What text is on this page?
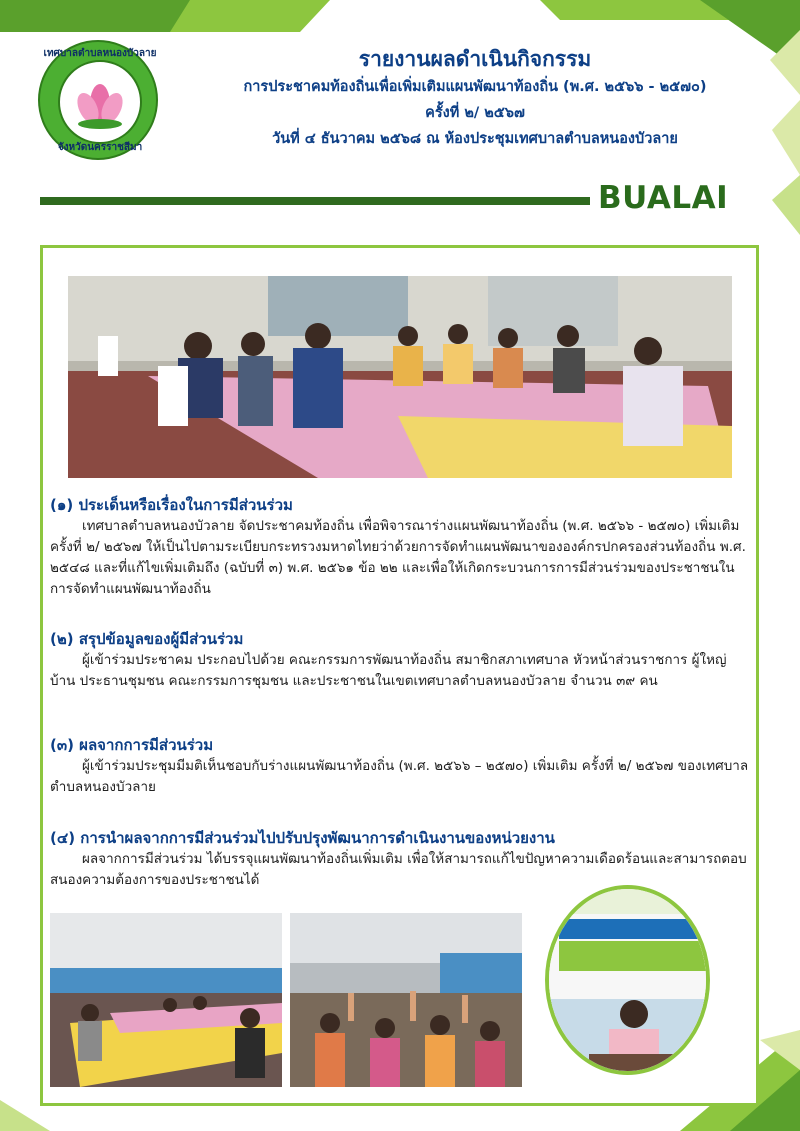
เทศบาลตำบลหนองบัวลาย
จังหวัดนครราชสีมา
รายงานผลดำเนินกิจกรรม
การประชาคมท้องถิ่นเพื่อเพิ่มเติมแผนพัฒนาท้องถิ่น (พ.ศ. ๒๕๖๖ - ๒๕๗๐)
ครั้งที่ ๒/ ๒๕๖๗
วันที่ ๔ ธันวาคม ๒๕๖๘ ณ ห้องประชุมเทศบาลตำบลหนองบัวลาย
BUALAI
(๑) ประเด็นหรือเรื่องในการมีส่วนร่วม
เทศบาลตำบลหนองบัวลาย จัดประชาคมท้องถิ่น เพื่อพิจารณาร่างแผนพัฒนาท้องถิ่น (พ.ศ. ๒๕๖๖ - ๒๕๗๐) เพิ่มเติม ครั้งที่ ๒/ ๒๕๖๗ ให้เป็นไปตามระเบียบกระทรวงมหาดไทยว่าด้วยการจัดทำแผนพัฒนาขององค์กรปกครองส่วนท้องถิ่น พ.ศ. ๒๕๔๘ และที่แก้ไขเพิ่มเติมถึง (ฉบับที่ ๓) พ.ศ. ๒๕๖๑ ข้อ ๒๒ และเพื่อให้เกิดกระบวนการการมีส่วนร่วมของประชาชนในการจัดทำแผนพัฒนาท้องถิ่น
(๒) สรุปข้อมูลของผู้มีส่วนร่วม
ผู้เข้าร่วมประชาคม ประกอบไปด้วย คณะกรรมการพัฒนาท้องถิ่น สมาชิกสภาเทศบาล หัวหน้าส่วนราชการ ผู้ใหญ่บ้าน ประธานชุมชน คณะกรรมการชุมชน และประชาชนในเขตเทศบาลตำบลหนองบัวลาย จำนวน ๓๙ คน
(๓) ผลจากการมีส่วนร่วม
ผู้เข้าร่วมประชุมมีมติเห็นชอบกับร่างแผนพัฒนาท้องถิ่น (พ.ศ. ๒๕๖๖ – ๒๕๗๐) เพิ่มเติม ครั้งที่ ๒/ ๒๕๖๗ ของเทศบาลตำบลหนองบัวลาย
(๔) การนำผลจากการมีส่วนร่วมไปปรับปรุงพัฒนาการดำเนินงานของหน่วยงาน
ผลจากการมีส่วนร่วม ได้บรรจุแผนพัฒนาท้องถิ่นเพิ่มเติม เพื่อให้สามารถแก้ไขปัญหาความเดือดร้อนและสามารถตอบสนองความต้องการของประชาชนได้
